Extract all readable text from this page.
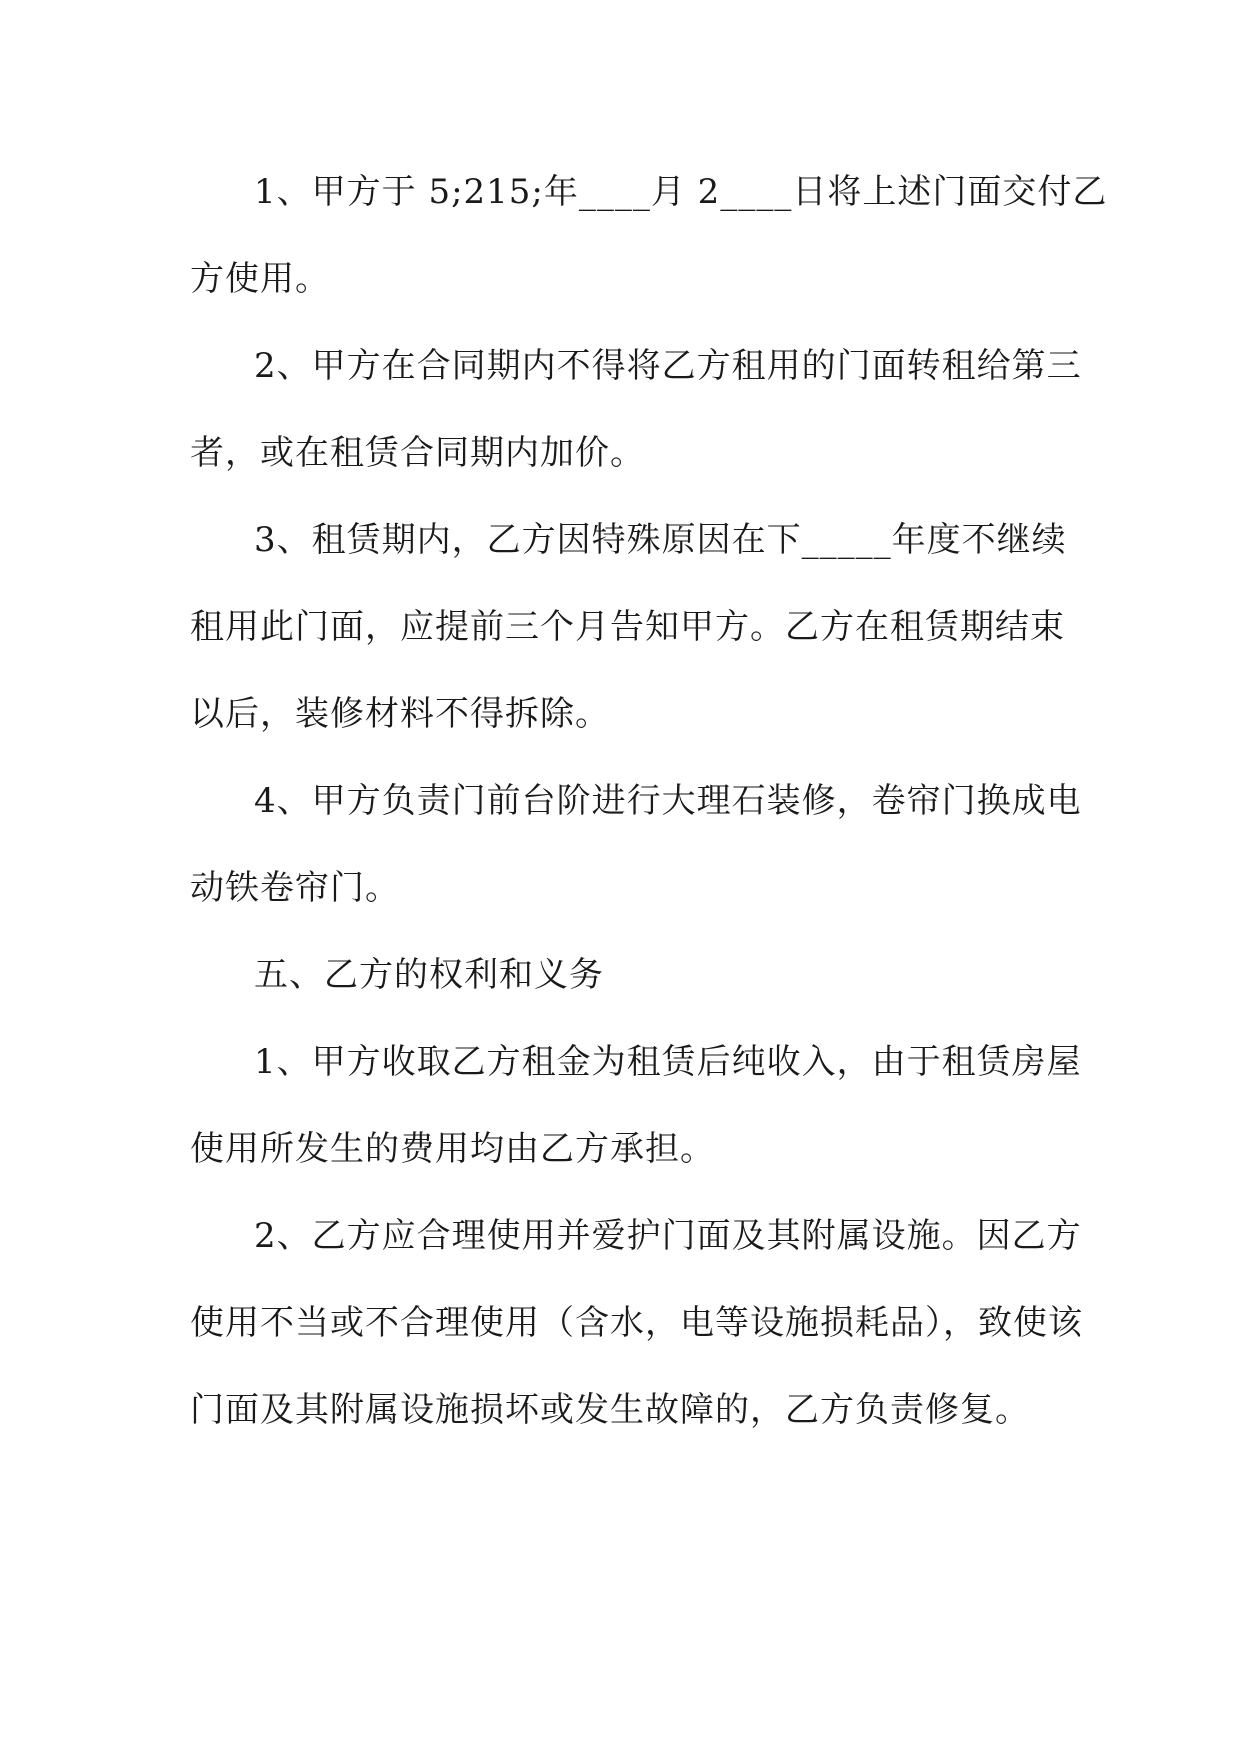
1、甲方于 5;215;年____月 2____日将上述门面交付乙
方使用。
2、甲方在合同期内不得将乙方租用的门面转租给第三
者，或在租赁合同期内加价。
3、租赁期内，乙方因特殊原因在下_____年度不继续
租用此门面，应提前三个月告知甲方。乙方在租赁期结束
以后，装修材料不得拆除。
4、甲方负责门前台阶进行大理石装修，卷帘门换成电
动铁卷帘门。
五、乙方的权利和义务
1、甲方收取乙方租金为租赁后纯收入，由于租赁房屋
使用所发生的费用均由乙方承担。
2、乙方应合理使用并爱护门面及其附属设施。因乙方
使用不当或不合理使用（含水，电等设施损耗品），致使该
门面及其附属设施损坏或发生故障的，乙方负责修复。
